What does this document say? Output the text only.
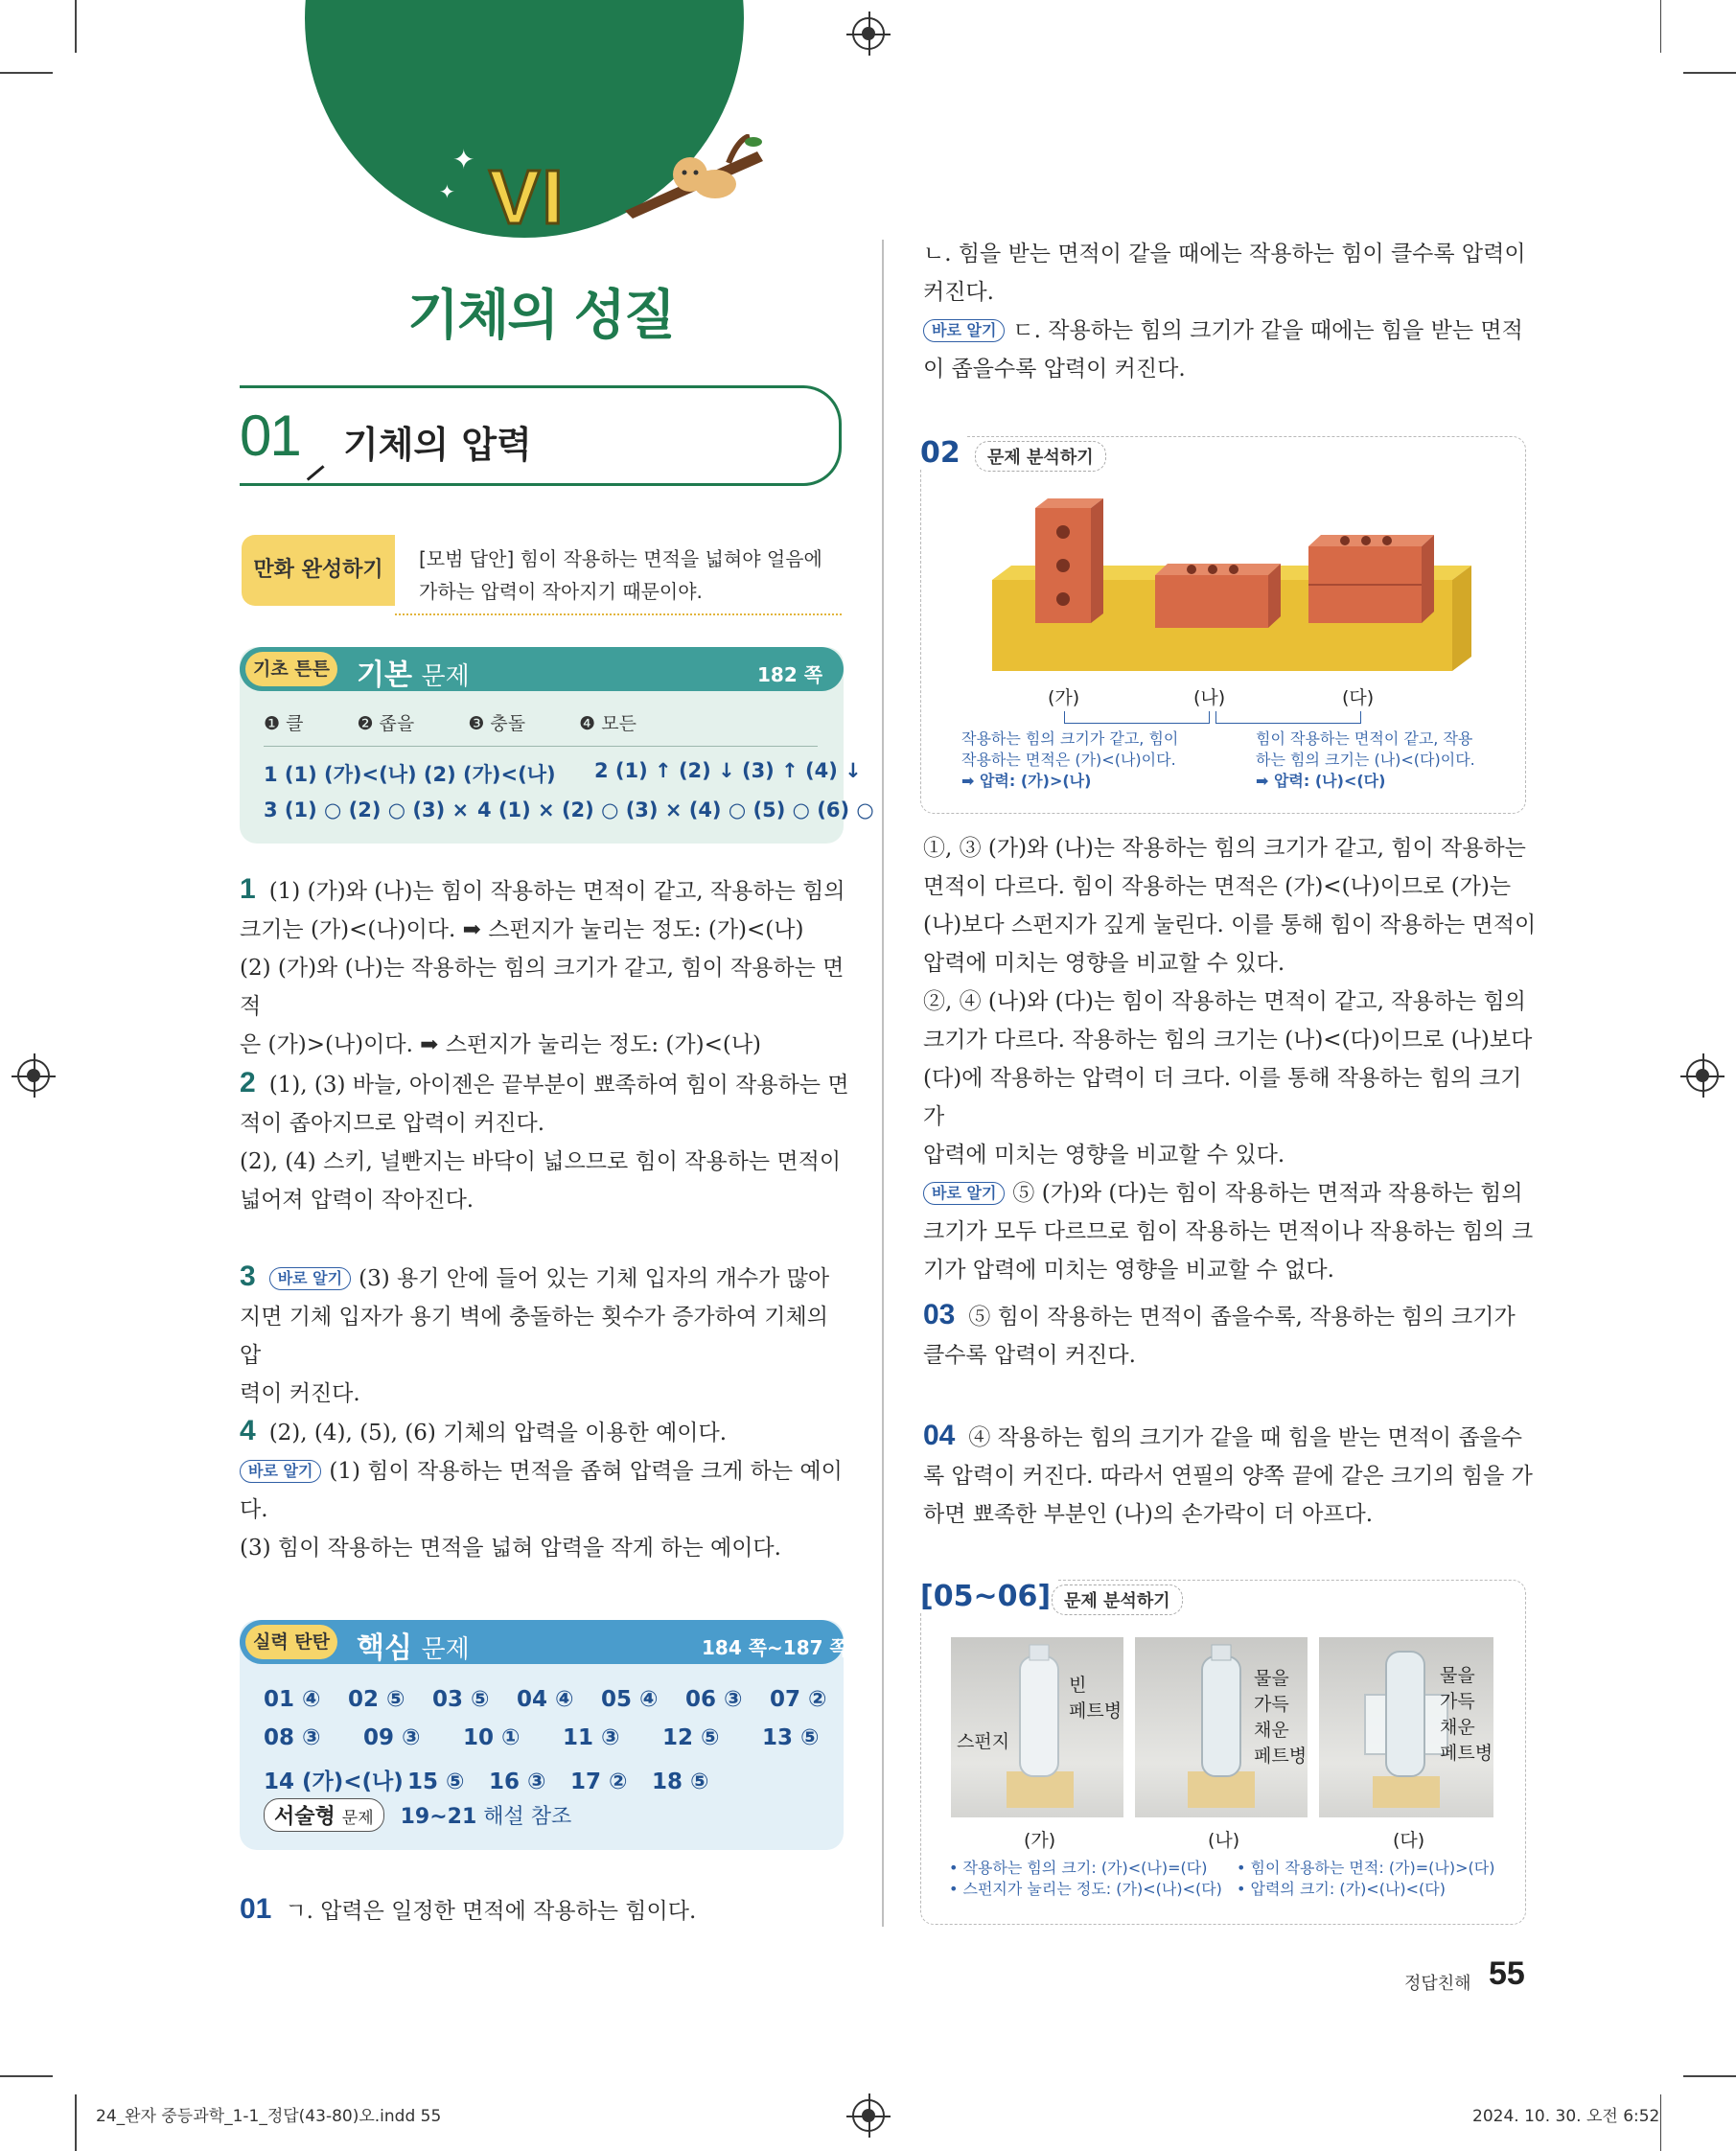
VI
✦
✦
기체의 성질
01 기체의 압력
만화 완성하기	[모범 답안] 힘이 작용하는 면적을 넓혀야 얼음에
가하는 압력이 작아지기 때문이야.
기초 튼튼 기본 문제	182 쪽
❶ 클	❷ 좁을	❸ 충돌	❹ 모든
1 (1) (가)<(나) (2) (가)<(나) 2 (1) ↑ (2) ↓ (3) ↑ (4) ↓
3 (1) ○ (2) ○ (3) × 4 (1) × (2) ○ (3) × (4) ○ (5) ○ (6) ○
1 (1) (가)와 (나)는 힘이 작용하는 면적이 같고, 작용하는 힘의
크기는 (가)<(나)이다. ➡ 스펀지가 눌리는 정도: (가)<(나)
(2) (가)와 (나)는 작용하는 힘의 크기가 같고, 힘이 작용하는 면적
은 (가)>(나)이다. ➡ 스펀지가 눌리는 정도: (가)<(나)
2 (1), (3) 바늘, 아이젠은 끝부분이 뾰족하여 힘이 작용하는 면
적이 좁아지므로 압력이 커진다.
(2), (4) 스키, 널빤지는 바닥이 넓으므로 힘이 작용하는 면적이
넓어져 압력이 작아진다.
3 바로 알기 (3) 용기 안에 들어 있는 기체 입자의 개수가 많아
지면 기체 입자가 용기 벽에 충돌하는 횟수가 증가하여 기체의 압
력이 커진다.
4 (2), (4), (5), (6) 기체의 압력을 이용한 예이다.
바로 알기 (1) 힘이 작용하는 면적을 좁혀 압력을 크게 하는 예이다.
(3) 힘이 작용하는 면적을 넓혀 압력을 작게 하는 예이다.
실력 탄탄 핵심 문제	184 쪽~187 쪽
01 ④ 02 ⑤ 03 ⑤ 04 ④ 05 ④ 06 ③ 07 ②
08 ③ 09 ③ 10 ① 11 ③ 12 ⑤ 13 ⑤
14 (가)<(나) 15 ⑤ 16 ③ 17 ② 18 ⑤
서술형 문제 19~21 해설 참조
01 ㄱ. 압력은 일정한 면적에 작용하는 힘이다.
ㄴ. 힘을 받는 면적이 같을 때에는 작용하는 힘이 클수록 압력이
커진다.
바로 알기 ㄷ. 작용하는 힘의 크기가 같을 때에는 힘을 받는 면적
이 좁을수록 압력이 커진다.
02	문제 분석하기
(가)	(나)	(다)
작용하는 힘의 크기가 같고, 힘이
작용하는 면적은 (가)<(나)이다.
➡ 압력: (가)>(나)
힘이 작용하는 면적이 같고, 작용
하는 힘의 크기는 (나)<(다)이다.
➡ 압력: (나)<(다)
①, ③ (가)와 (나)는 작용하는 힘의 크기가 같고, 힘이 작용하는
면적이 다르다. 힘이 작용하는 면적은 (가)<(나)이므로 (가)는
(나)보다 스펀지가 깊게 눌린다. 이를 통해 힘이 작용하는 면적이
압력에 미치는 영향을 비교할 수 있다.
②, ④ (나)와 (다)는 힘이 작용하는 면적이 같고, 작용하는 힘의
크기가 다르다. 작용하는 힘의 크기는 (나)<(다)이므로 (나)보다
(다)에 작용하는 압력이 더 크다. 이를 통해 작용하는 힘의 크기가
압력에 미치는 영향을 비교할 수 있다.
바로 알기 ⑤ (가)와 (다)는 힘이 작용하는 면적과 작용하는 힘의
크기가 모두 다르므로 힘이 작용하는 면적이나 작용하는 힘의 크
기가 압력에 미치는 영향을 비교할 수 없다.
03 ⑤ 힘이 작용하는 면적이 좁을수록, 작용하는 힘의 크기가
클수록 압력이 커진다.
04 ④ 작용하는 힘의 크기가 같을 때 힘을 받는 면적이 좁을수
록 압력이 커진다. 따라서 연필의 양쪽 끝에 같은 크기의 힘을 가
하면 뾰족한 부분인 (나)의 손가락이 더 아프다.
[05~06] 문제 분석하기
빈
페트병
스펀지
물을
가득
채운
페트병
물을
가득
채운
페트병
(가)	(나)	(다)
• 작용하는 힘의 크기: (가)<(나)=(다)
• 스펀지가 눌리는 정도: (가)<(나)<(다)
• 힘이 작용하는 면적: (가)=(나)>(다)
• 압력의 크기: (가)<(나)<(다)
정답친해 55
24_완자 중등과학_1-1_정답(43-80)오.indd 55	2024. 10. 30. 오전 6:52
